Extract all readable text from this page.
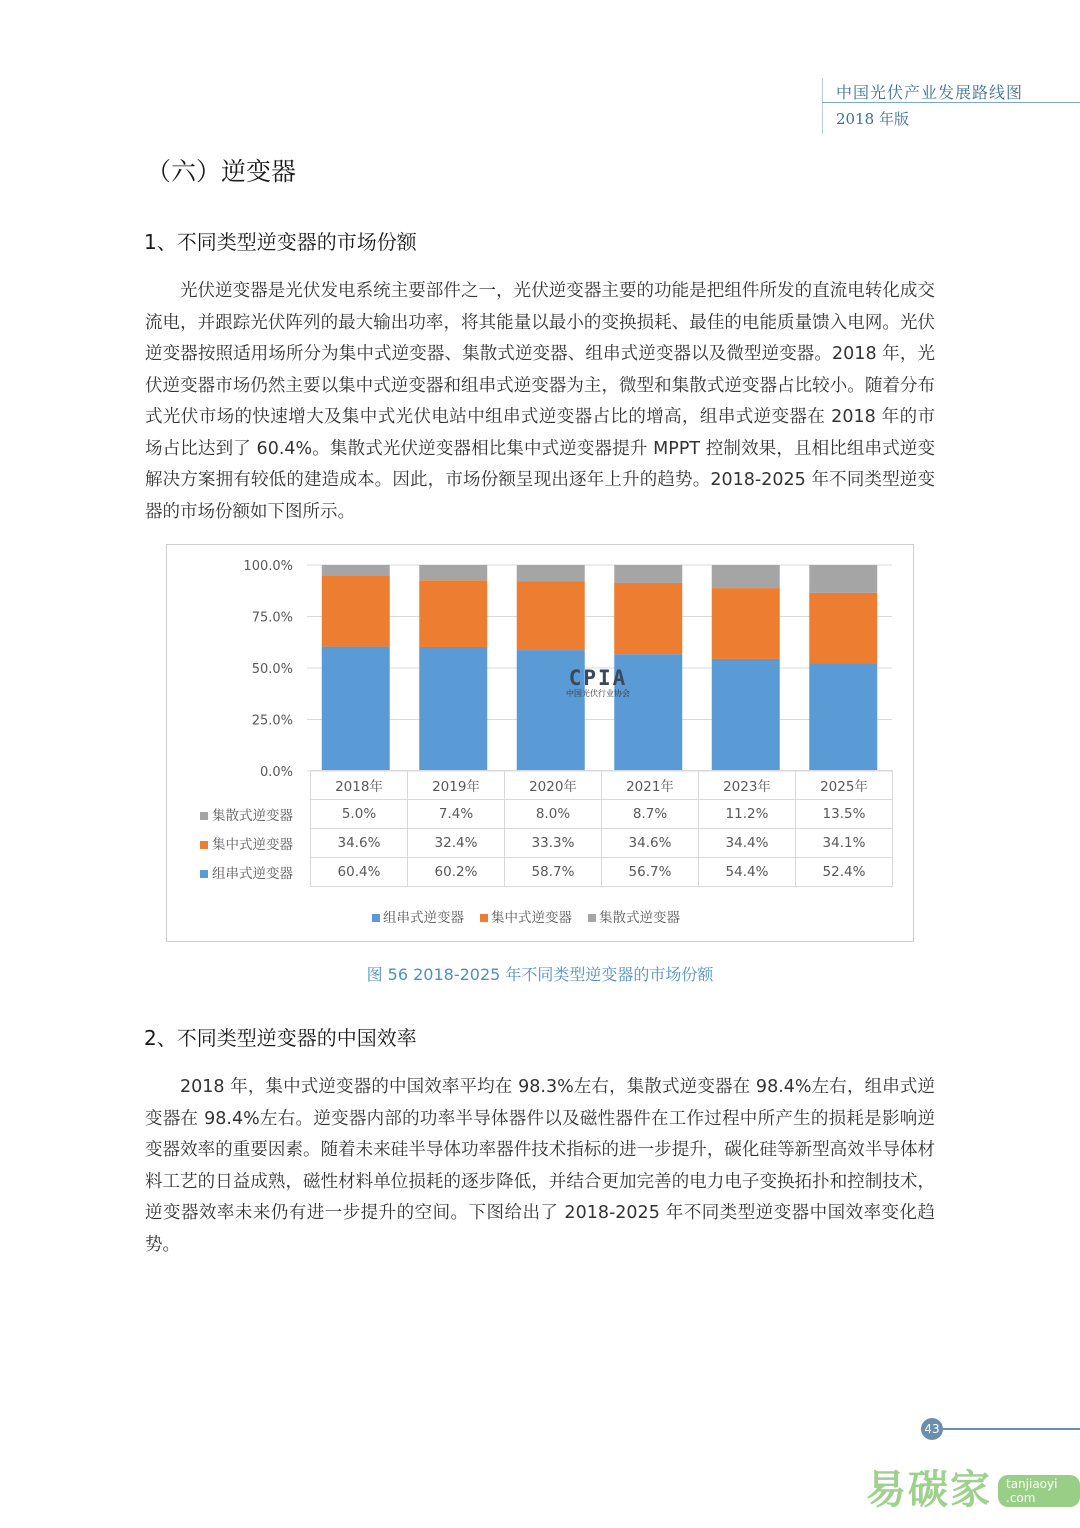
中国光伏产业发展路线图
2018 年版
（六）逆变器
1、不同类型逆变器的市场份额

光伏逆变器是光伏发电系统主要部件之一，光伏逆变器主要的功能是把组件所发的直流电转化成交流电，并跟踪光伏阵列的最大输出功率，将其能量以最小的变换损耗、最佳的电能质量馈入电网。光伏逆变器按照适用场所分为集中式逆变器、集散式逆变器、组串式逆变器以及微型逆变器。2018 年，光伏逆变器市场仍然主要以集中式逆变器和组串式逆变器为主，微型和集散式逆变器占比较小。随着分布式光伏市场的快速增大及集中式光伏电站中组串式逆变器占比的增高，组串式逆变器在 2018 年的市场占比达到了 60.4%。集散式光伏逆变器相比集中式逆变器提升 MPPT 控制效果，且相比组串式逆变解决方案拥有较低的建造成本。因此，市场份额呈现出逐年上升的趋势。2018-2025 年不同类型逆变器的市场份额如下图所示。

0.0%
25.0%
50.0%
75.0%
100.0%
CPIA
中国光伏行业协会
	2018年	2019年	2020年	2021年	2023年	2025年
集散式逆变器	5.0%	7.4%	8.0%	8.7%	11.2%	13.5%
集中式逆变器	34.6%	32.4%	33.3%	34.6%	34.4%	34.1%
组串式逆变器	60.4%	60.2%	58.7%	56.7%	54.4%	52.4%
组串式逆变器 集中式逆变器 集散式逆变器
图 56 2018-2025 年不同类型逆变器的市场份额
2、不同类型逆变器的中国效率

2018 年，集中式逆变器的中国效率平均在 98.3%左右，集散式逆变器在 98.4%左右，组串式逆变器在 98.4%左右。逆变器内部的功率半导体器件以及磁性器件在工作过程中所产生的损耗是影响逆变器效率的重要因素。随着未来硅半导体功率器件技术指标的进一步提升，碳化硅等新型高效半导体材料工艺的日益成熟，磁性材料单位损耗的逐步降低，并结合更加完善的电力电子变换拓扑和控制技术，逆变器效率未来仍有进一步提升的空间。下图给出了 2018-2025 年不同类型逆变器中国效率变化趋势。

43
易碳家	tanjiaoyi .com
